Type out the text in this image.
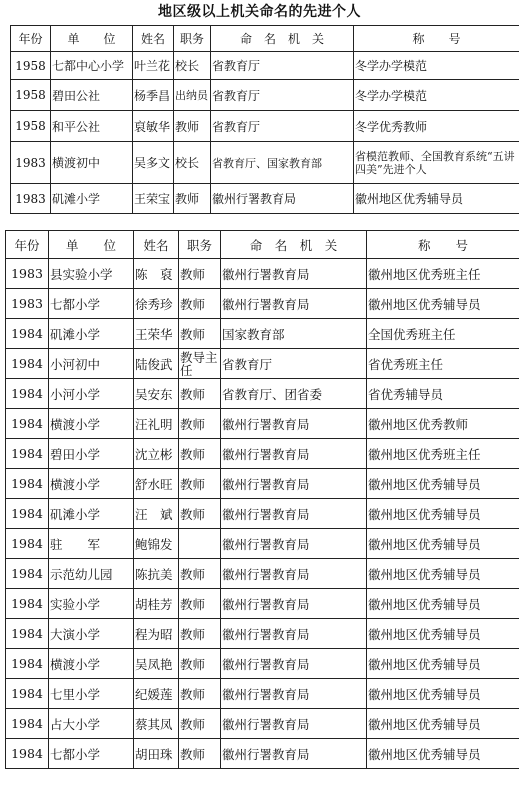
地区级以上机关命名的先进个人
年份	单　　位	姓名	职务	命　名　机　关	称　　号
1958	七都中心小学	叶兰花	校长	省教育厅	冬学办学模范
1958	碧田公社	杨季昌	出纳员	省教育厅	冬学办学模范
1958	和平公社	裒敏华	教师	省教育厅	冬学优秀教师
1983	横渡初中	吴多文	校长	省教育厅、国家教育部	省模范教师、全国教育系统“五讲四美”先进个人
1983	矶滩小学	王荣宝	教师	徽州行署教育局	徽州地区优秀辅导员
年份	单　　位	姓名	职务	命　名　机　关	称　　号
1983	县实验小学	陈　裒	教师	徽州行署教育局	徽州地区优秀班主任
1983	七都小学	徐秀珍	教师	徽州行署教育局	徽州地区优秀辅导员
1984	矶滩小学	王荣华	教师	国家教育部	全国优秀班主任
1984	小河初中	陆俊武	教导主任	省教育厅	省优秀班主任
1984	小河小学	吴安东	教师	省教育厅、团省委	省优秀辅导员
1984	横渡小学	汪礼明	教师	徽州行署教育局	徽州地区优秀教师
1984	碧田小学	沈立彬	教师	徽州行署教育局	徽州地区优秀班主任
1984	横渡小学	舒水旺	教师	徽州行署教育局	徽州地区优秀辅导员
1984	矶滩小学	汪　斌	教师	徽州行署教育局	徽州地区优秀辅导员
1984	驻　　军	鲍锦发		徽州行署教育局	徽州地区优秀辅导员
1984	示范幼儿园	陈抗美	教师	徽州行署教育局	徽州地区优秀辅导员
1984	实验小学	胡桂芳	教师	徽州行署教育局	徽州地区优秀辅导员
1984	大演小学	程为昭	教师	徽州行署教育局	徽州地区优秀辅导员
1984	横渡小学	吴凤艳	教师	徽州行署教育局	徽州地区优秀辅导员
1984	七里小学	纪媛莲	教师	徽州行署教育局	徽州地区优秀辅导员
1984	占大小学	蔡其凤	教师	徽州行署教育局	徽州地区优秀辅导员
1984	七都小学	胡田珠	教师	徽州行署教育局	徽州地区优秀辅导员
